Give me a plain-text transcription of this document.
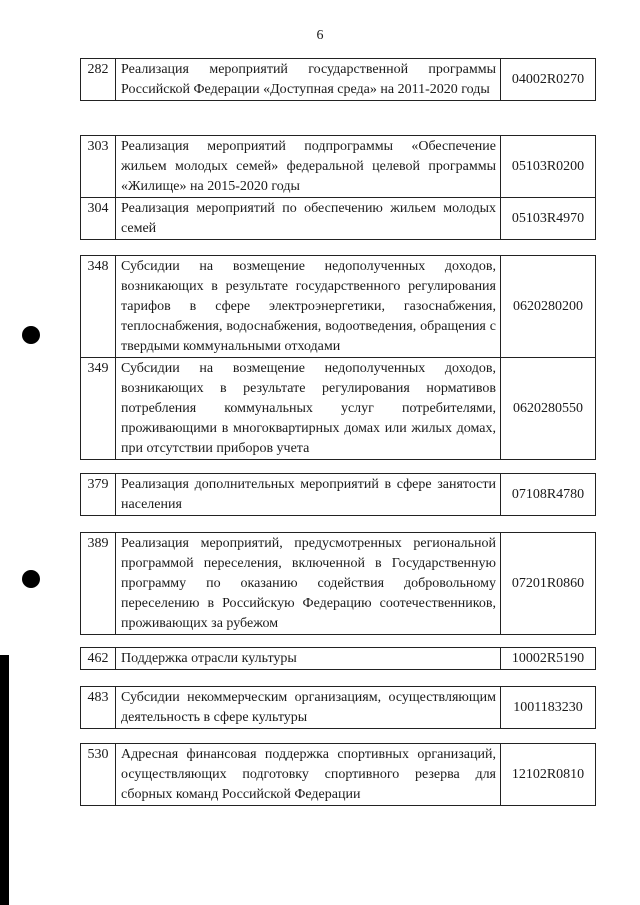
6
282	Реализация мероприятий государственной программы Российской Федерации «Доступная среда» на 2011-2020 годы	04002R0270
303	Реализация мероприятий подпрограммы «Обеспечение жильем молодых семей» федеральной целевой программы «Жилище» на 2015-2020 годы	05103R0200
304	Реализация мероприятий по обеспечению жильем молодых семей	05103R4970
348	Субсидии на возмещение недополученных доходов, возникающих в результате государственного регулирования тарифов в сфере электроэнергетики, газоснабжения, теплоснабжения, водоснабжения, водоотведения, обращения с твердыми коммунальными отходами	0620280200
349	Субсидии на возмещение недополученных доходов, возникающих в результате регулирования нормативов потребления коммунальных услуг потребителями, проживающими в многоквартирных домах или жилых домах, при отсутствии приборов учета	0620280550
379	Реализация дополнительных мероприятий в сфере занятости населения	07108R4780
389	Реализация мероприятий, предусмотренных региональной программой переселения, включенной в Государственную программу по оказанию содействия добровольному переселению в Российскую Федерацию соотечественников, проживающих за рубежом	07201R0860
462	Поддержка отрасли культуры	10002R5190
483	Субсидии некоммерческим организациям, осуществляющим деятельность в сфере культуры	1001183230
530	Адресная финансовая поддержка спортивных организаций, осуществляющих подготовку спортивного резерва для сборных команд Российской Федерации	12102R0810
